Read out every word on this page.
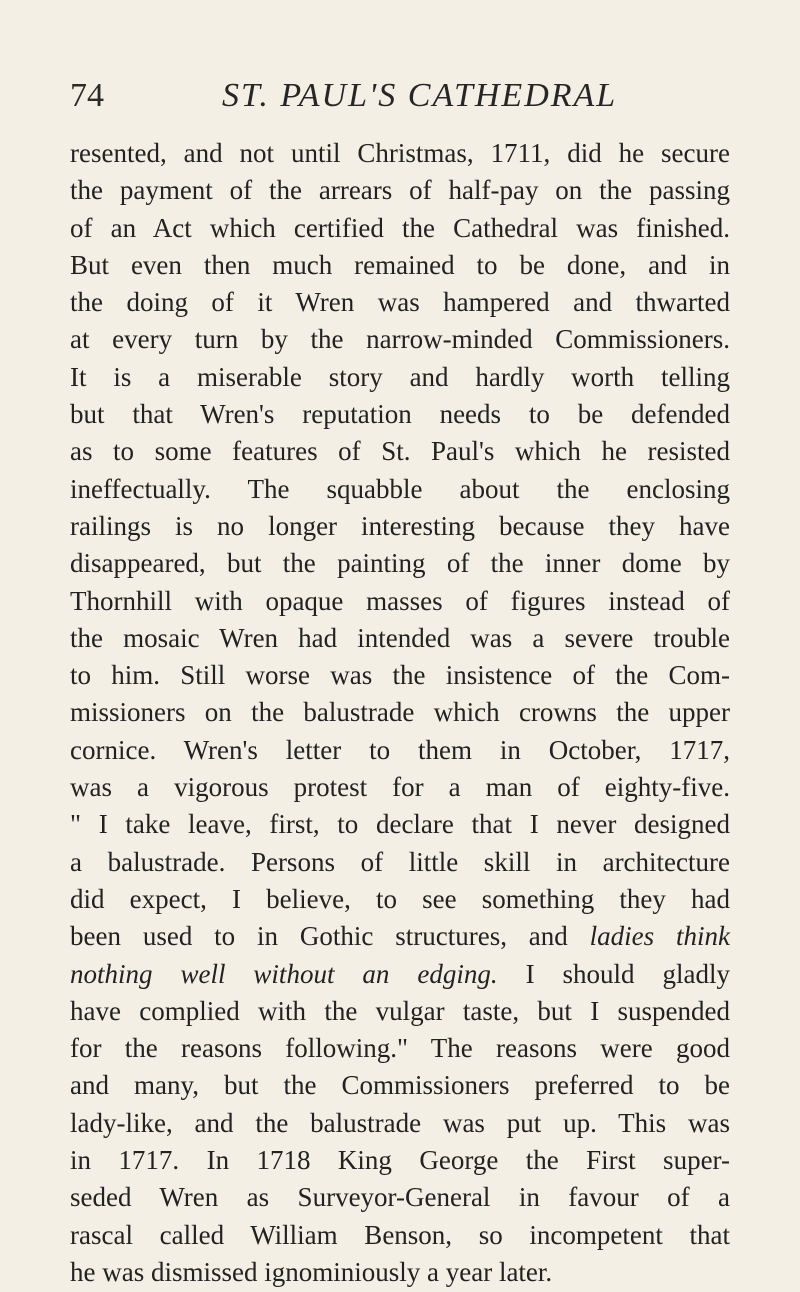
74	ST. PAUL'S CATHEDRAL
resented, and not until Christmas, 1711, did he secure
the payment of the arrears of half-pay on the passing
of an Act which certified the Cathedral was finished.
But even then much remained to be done, and in
the doing of it Wren was hampered and thwarted
at every turn by the narrow-minded Commissioners.
It is a miserable story and hardly worth telling
but that Wren's reputation needs to be defended
as to some features of St. Paul's which he resisted
ineffectually. The squabble about the enclosing
railings is no longer interesting because they have
disappeared, but the painting of the inner dome by
Thornhill with opaque masses of figures instead of
the mosaic Wren had intended was a severe trouble
to him. Still worse was the insistence of the Com-
missioners on the balustrade which crowns the upper
cornice. Wren's letter to them in October, 1717,
was a vigorous protest for a man of eighty-five.
" I take leave, first, to declare that I never designed
a balustrade. Persons of little skill in architecture
did expect, I believe, to see something they had
been used to in Gothic structures, and ladies think
nothing well without an edging. I should gladly
have complied with the vulgar taste, but I suspended
for the reasons following." The reasons were good
and many, but the Commissioners preferred to be
lady-like, and the balustrade was put up. This was
in 1717. In 1718 King George the First super-
seded Wren as Surveyor-General in favour of a
rascal called William Benson, so incompetent that
he was dismissed ignominiously a year later.
